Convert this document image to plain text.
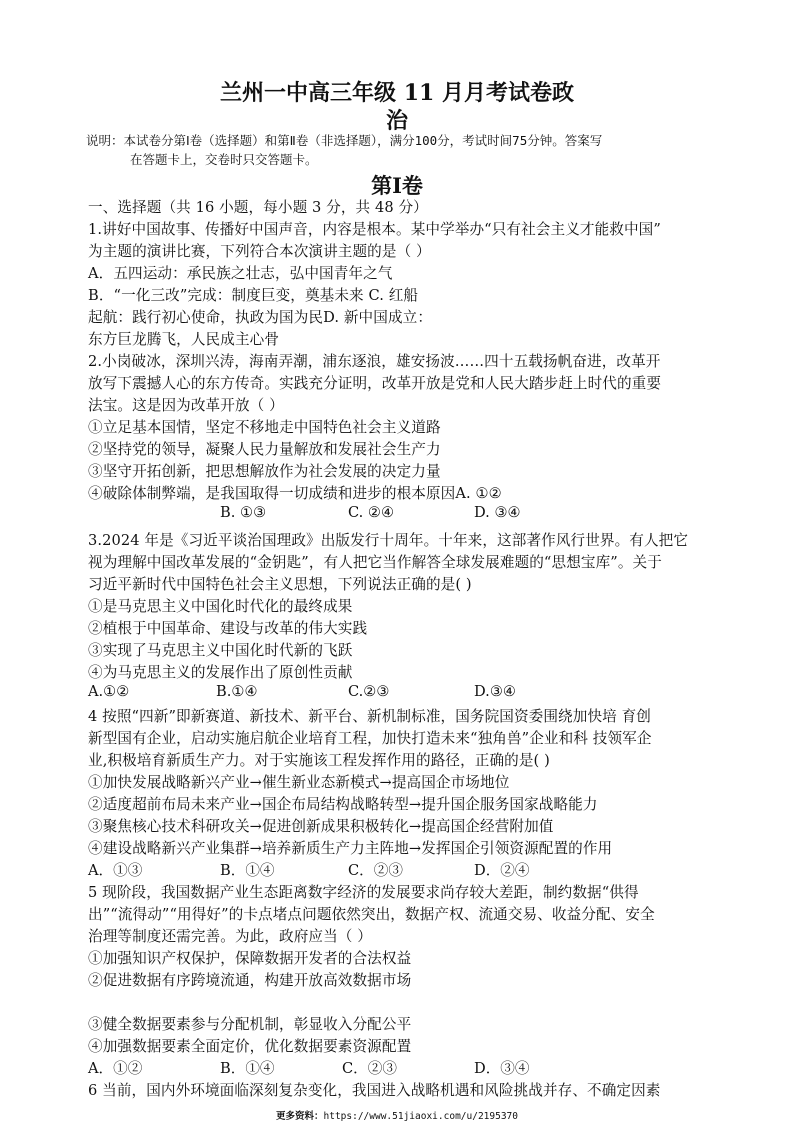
兰州一中高三年级 11 月月考试卷政
治
说明：本试卷分第Ⅰ卷（选择题）和第Ⅱ卷（非选择题），满分100分，考试时间75分钟。答案写
在答题卡上，交卷时只交答题卡。
第Ⅰ卷
一、选择题（共 16 小题，每小题 3 分，共 48 分）
1.讲好中国故事、传播好中国声音，内容是根本。某中学举办“只有社会主义才能救中国”
为主题的演讲比赛，下列符合本次演讲主题的是（ ）
A．五四运动：承民族之壮志，弘中国青年之气
B．“一化三改”完成：制度巨变，奠基未来 C. 红船
起航：践行初心使命，执政为国为民D. 新中国成立：
东方巨龙腾飞，人民成主心骨
2.小岗破冰，深圳兴涛，海南弄潮，浦东逐浪，雄安扬波……四十五载扬帆奋进，改革开
放写下震撼人心的东方传奇。实践充分证明，改革开放是党和人民大踏步赶上时代的重要
法宝。这是因为改革开放（ ）
①立足基本国情，坚定不移地走中国特色社会主义道路
②坚持党的领导，凝聚人民力量解放和发展社会生产力
③坚守开拓创新，把思想解放作为社会发展的决定力量
④破除体制弊端，是我国取得一切成绩和进步的根本原因A. ①②
B. ①③	C. ②④	D. ③④
3.2024 年是《习近平谈治国理政》出版发行十周年。十年来，这部著作风行世界。有人把它
视为理解中国改革发展的“金钥匙”，有人把它当作解答全球发展难题的“思想宝库”。关于
习近平新时代中国特色社会主义思想，下列说法正确的是( )
①是马克思主义中国化时代化的最终成果
②植根于中国革命、建设与改革的伟大实践
③实现了马克思主义中国化时代新的飞跃
④为马克思主义的发展作出了原创性贡献
A.①②	B.①④	C.②③	D.③④
4 按照“四新”即新赛道、新技术、新平台、新机制标准，国务院国资委围绕加快培 育创
新型国有企业，启动实施启航企业培育工程，加快打造未来“独角兽”企业和科 技领军企
业,积极培育新质生产力。对于实施该工程发挥作用的路径，正确的是( )
①加快发展战略新兴产业→催生新业态新模式→提高国企市场地位
②适度超前布局未来产业→国企布局结构战略转型→提升国企服务国家战略能力
③聚焦核心技术科研攻关→促进创新成果积极转化→提高国企经营附加值
④建设战略新兴产业集群→培养新质生产力主阵地→发挥国企引领资源配置的作用
A．①③	B．①④	C．②③	D．②④
5 现阶段，我国数据产业生态距离数字经济的发展要求尚存较大差距，制约数据“供得
出”“流得动”“用得好”的卡点堵点问题依然突出，数据产权、流通交易、收益分配、安全
治理等制度还需完善。为此，政府应当（ ）
①加强知识产权保护，保障数据开发者的合法权益
②促进数据有序跨境流通，构建开放高效数据市场
③健全数据要素参与分配机制，彰显收入分配公平
④加强数据要素全面定价，优化数据要素资源配置
A．①②	B．①④	C．②③	D．③④
6 当前，国内外环境面临深刻复杂变化，我国进入战略机遇和风险挑战并存、不确定因素
更多资料：https://www.51jiaoxi.com/u/2195370
